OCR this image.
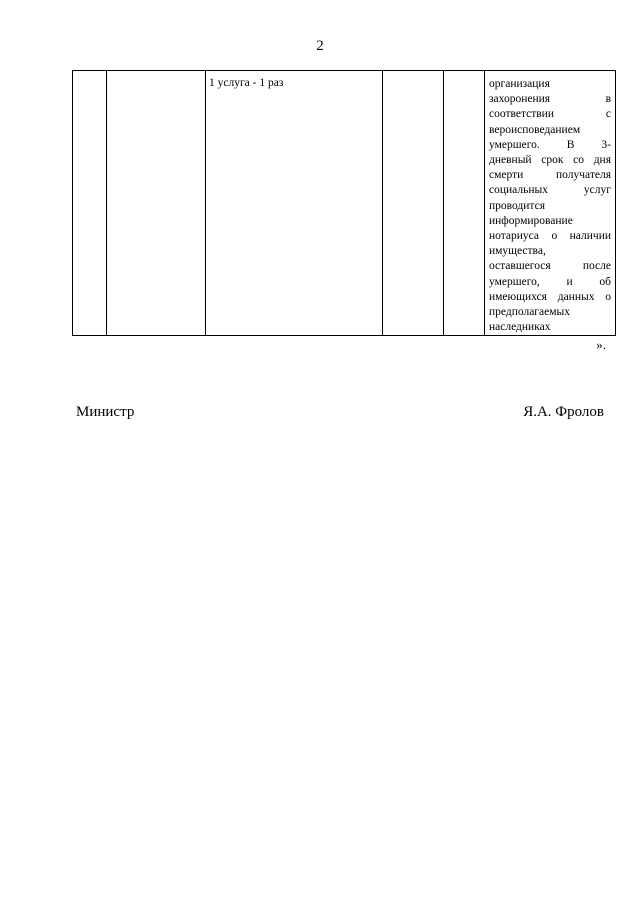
2
		1 услуга - 1 раз			организация
захоронения в
соответствии с
вероисповеданием
умершего. В 3-
дневный срок со дня
смерти получателя
социальных услуг
проводится
информирование
нотариуса о наличии
имущества,
оставшегося после
умершего, и об
имеющихся данных о
предполагаемых
наследниках
».
Министр	Я.А. Фролов
